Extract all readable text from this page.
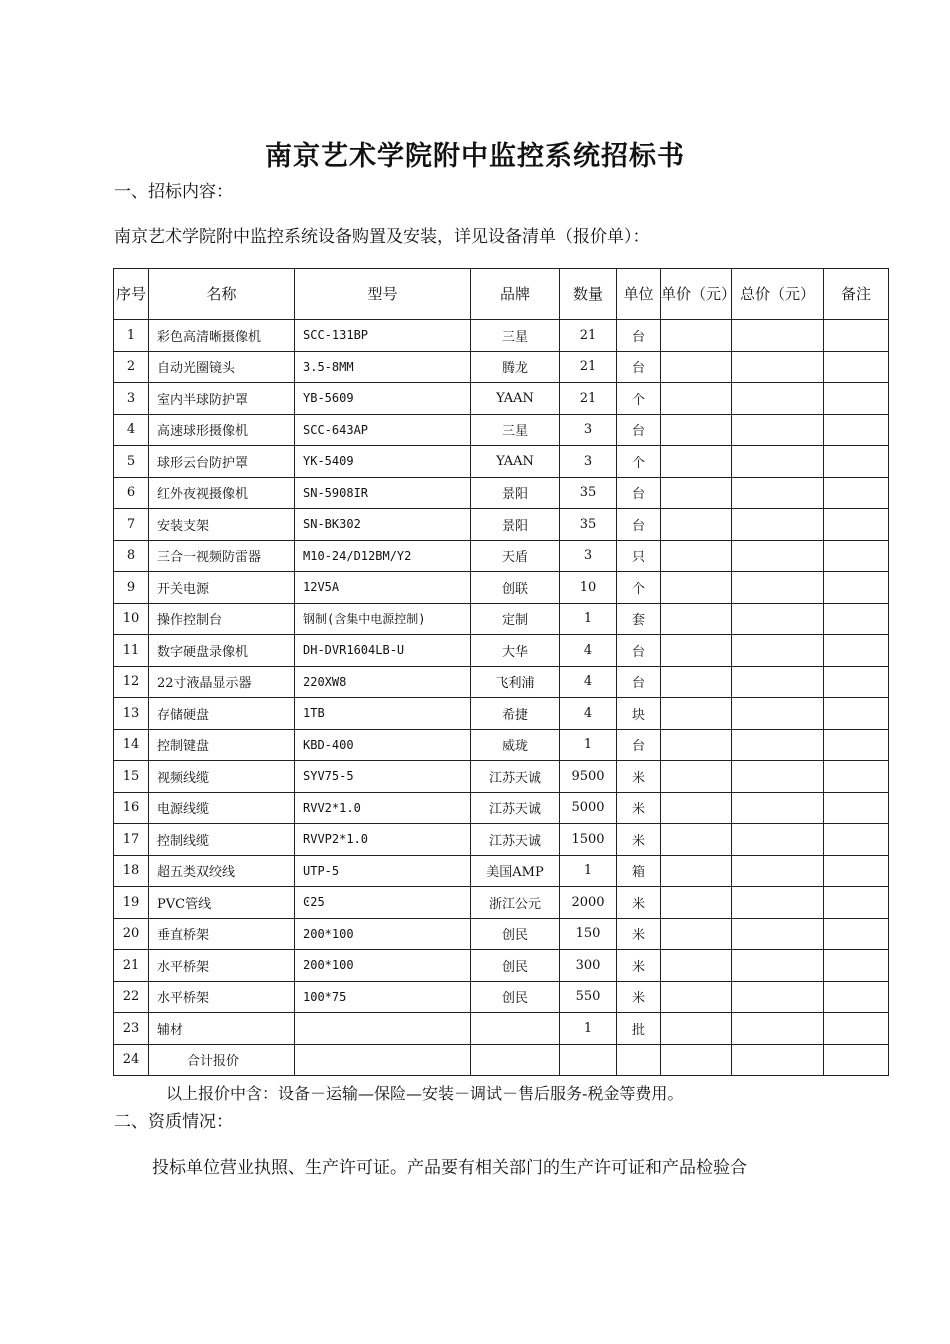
南京艺术学院附中监控系统招标书
一、招标内容：
南京艺术学院附中监控系统设备购置及安装，详见设备清单（报价单）：
序号	名称	型号	品牌	数量	单位	单价（元）	总价（元）	备注
1	彩色高清晰摄像机	SCC-131BP	三星	21	台			
2	自动光圈镜头	3.5-8MM	腾龙	21	台			
3	室内半球防护罩	YB-5609	YAAN	21	个			
4	高速球形摄像机	SCC-643AP	三星	3	台			
5	球形云台防护罩	YK-5409	YAAN	3	个			
6	红外夜视摄像机	SN-5908IR	景阳	35	台			
7	安装支架	SN-BK302	景阳	35	台			
8	三合一视频防雷器	M10-24/D12BM/Y2	天盾	3	只			
9	开关电源	12V5A	创联	10	个			
10	操作控制台	钢制(含集中电源控制)	定制	1	套			
11	数字硬盘录像机	DH-DVR1604LB-U	大华	4	台			
12	22寸液晶显示器	220XW8	飞利浦	4	台			
13	存储硬盘	1TB	希捷	4	块			
14	控制键盘	KBD-400	威珑	1	台			
15	视频线缆	SYV75-5	江苏天诚	9500	米			
16	电源线缆	RVV2*1.0	江苏天诚	5000	米			
17	控制线缆	RVVP2*1.0	江苏天诚	1500	米			
18	超五类双绞线	UTP-5	美国AMP	1	箱			
19	PVC管线	Ͼ25	浙江公元	2000	米			
20	垂直桥架	200*100	创民	150	米			
21	水平桥架	200*100	创民	300	米			
22	水平桥架	100*75	创民	550	米			
23	辅材			1	批			
24	合计报价							
以上报价中含：设备－运输—保险—安装－调试－售后服务-税金等费用。
二、资质情况：
投标单位营业执照、生产许可证。产品要有相关部门的生产许可证和产品检验合
